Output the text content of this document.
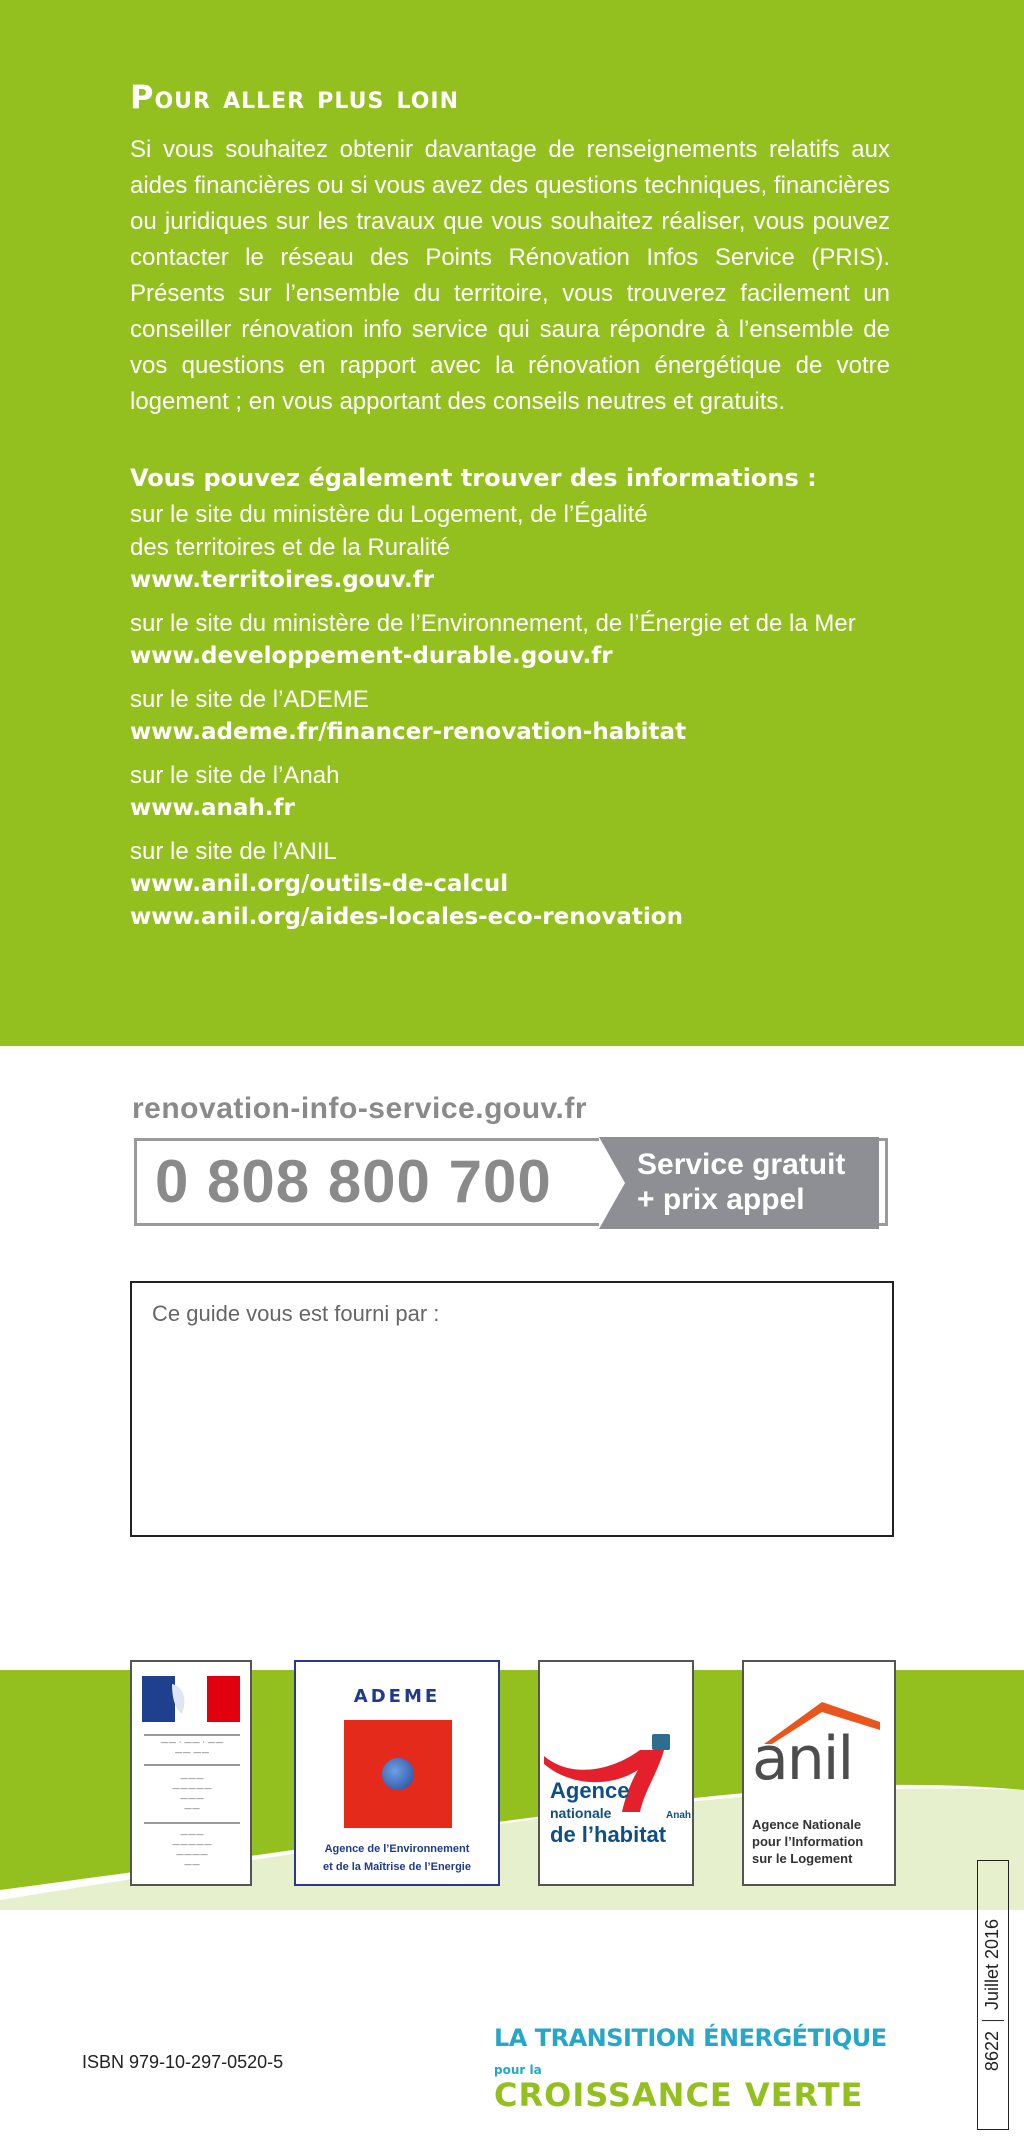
Pour aller plus loin

Si vous souhaitez obtenir davantage de renseignements relatifs aux aides financières ou si vous avez des questions techniques, financières ou juridiques sur les travaux que vous souhaitez réaliser, vous pouvez contacter le réseau des Points Rénovation Infos Service (PRIS). Présents sur l’ensemble du territoire, vous trouverez facilement un conseiller rénovation info service qui saura répondre à l’ensemble de vos questions en rapport avec la rénovation énergétique de votre logement ; en vous apportant des conseils neutres et gratuits.

Vous pouvez également trouver des informations :
sur le site du ministère du Logement, de l’Égalité
des territoires et de la Ruralité
www.territoires.gouv.fr
sur le site du ministère de l’Environnement, de l’Énergie et de la Mer
www.developpement-durable.gouv.fr
sur le site de l’ADEME
www.ademe.fr/financer-renovation-habitat
sur le site de l’Anah
www.anah.fr
sur le site de l’ANIL
www.anil.org/outils-de-calcul
www.anil.org/aides-locales-eco-renovation
renovation-info-service.gouv.fr
0 808 800 700	Service gratuit
+ prix appel
Ce guide vous est fourni par :
—— · —— · ——
—— ——
———
—————
———
——
———
—————
————
——
ADEME
Agence de l’Environnement
et de la Maîtrise de l’Energie
Agence
nationale
de l’habitat
Anah
anil
Agence Nationale
pour l’Information
sur le Logement
ISBN 979-10-297-0520-5
LA TRANSITION ÉNERGÉTIQUE pour la
CROISSANCE VERTE
8622Juillet 2016
